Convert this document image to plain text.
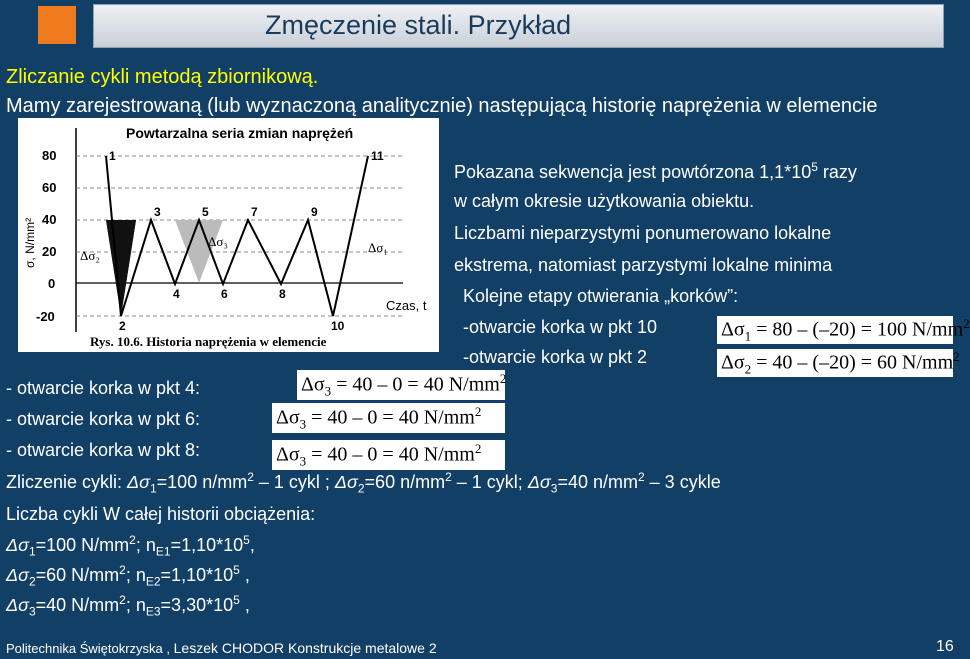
Zmęczenie stali. Przykład
Zliczanie cykli metodą zbiornikową.
Mamy zarejestrowaną (lub wyznaczoną analitycznie) następującą historię naprężenia w elemencie
Powtarzalna seria zmian naprężeń
80
60
40
20
0
-20
σ, N/mm²
Czas, t
1
2
3
4
5
6
7
8
9
10
11
Δσ₂
Δσ₃	Δσ₁
Rys. 10.6. Historia naprężenia w elemencie
Pokazana sekwencja jest powtórzona $1,1*10^5$ razy
w całym okresie użytkowania obiektu.
Liczbami nieparzystymi ponumerowano lokalne
ekstrema, natomiast parzystymi lokalne minima
Kolejne etapy otwierania „korków”:
-otwarcie korka w pkt 10
-otwarcie korka w pkt 2
$\Delta\sigma_1 = 80 - (-20) = 100$ $N/mm^2$
$\Delta\sigma_2 = 40 - (-20) = 60$ $N/mm^2$
- otwarcie korka w pkt 4:
- otwarcie korka w pkt 6:
- otwarcie korka w pkt 8:
$\Delta\sigma_3 = 40 - 0 = 40$ $N/mm^2$
$\Delta\sigma_3 = 40 - 0 = 40$ $N/mm^2$
$\Delta\sigma_3 = 40 - 0 = 40$ $N/mm^2$
Zliczenie cykli: $\Delta\sigma_1=100$ $n/mm^2 - 1$ cykl ; $\Delta\sigma_2=60$ $n/mm^2 - 1$ cykl; $\Delta\sigma_3=40$ $n/mm^2 - 3$ cykle
Liczba cykli W całej historii obciążenia:
$\Delta\sigma_1=100$ $N/mm^2$; $n_{E1}=1,10*10^5$,
$\Delta\sigma_2=60$ $N/mm^2$; $n_{E2}=1,10*10^5$ ,
$\Delta\sigma_3=40$ $N/mm^2$; $n_{E3}=3,30*10^5$ ,
Politechnika Świętokrzyska , Leszek CHODOR Konstrukcje metalowe 2	16
